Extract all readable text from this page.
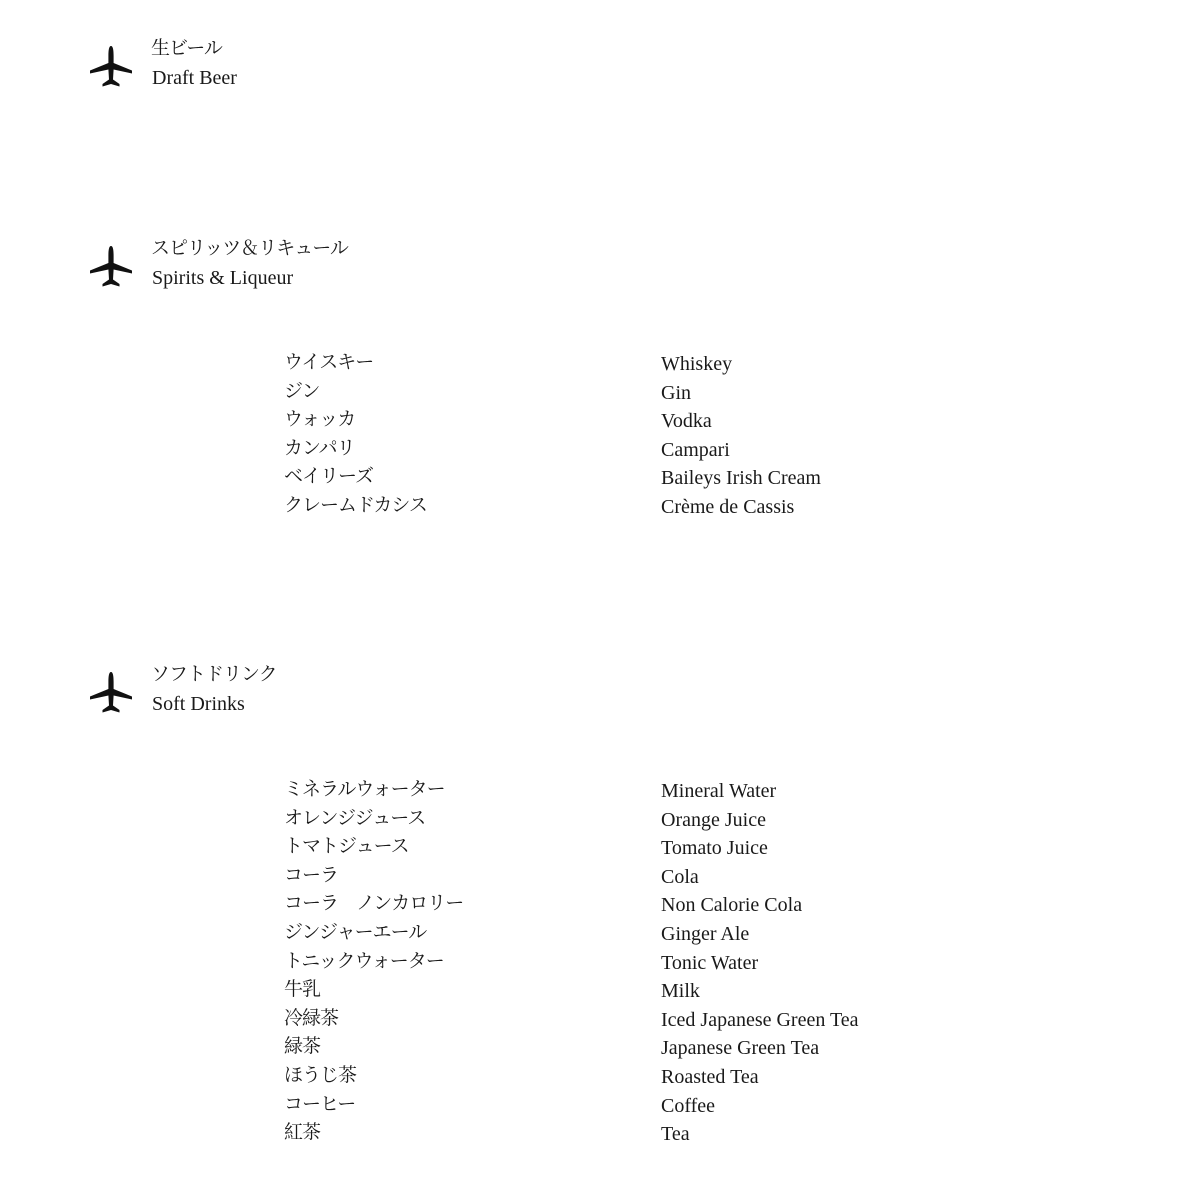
生ビール
Draft Beer
スピリッツ＆リキュール
Spirits & Liqueur
ウイスキー	Whiskey
ジン	Gin
ウォッカ	Vodka
カンパリ	Campari
ベイリーズ	Baileys Irish Cream
クレームドカシス	Crème de Cassis
ソフトドリンク
Soft Drinks
ミネラルウォーター	Mineral Water
オレンジジュース	Orange Juice
トマトジュース	Tomato Juice
コーラ	Cola
コーラ　ノンカロリー	Non Calorie Cola
ジンジャーエール	Ginger Ale
トニックウォーター	Tonic Water
牛乳	Milk
冷緑茶	Iced Japanese Green Tea
緑茶	Japanese Green Tea
ほうじ茶	Roasted Tea
コーヒー	Coffee
紅茶	Tea
